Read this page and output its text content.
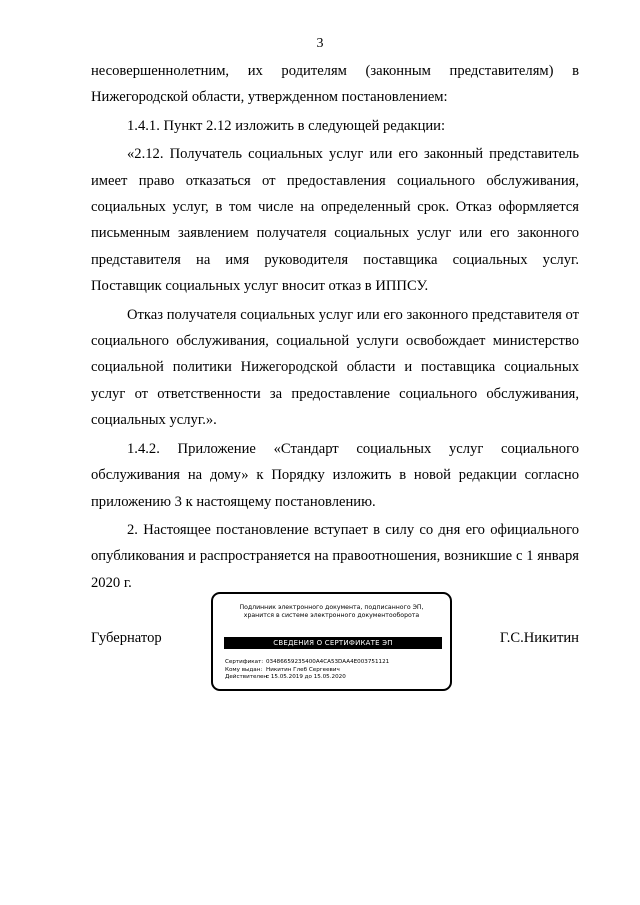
3

несовершеннолетним, их родителям (законным представителям) в Нижегородской области, утвержденном постановлением:

1.4.1. Пункт 2.12 изложить в следующей редакции:

«2.12. Получатель социальных услуг или его законный представитель имеет право отказаться от предоставления социального обслуживания, социальных услуг, в том числе на определенный срок. Отказ оформляется письменным заявлением получателя социальных услуг или его законного представителя на имя руководителя поставщика социальных услуг. Поставщик социальных услуг вносит отказ в ИППСУ.

Отказ получателя социальных услуг или его законного представителя от социального обслуживания, социальной услуги освобождает министерство социальной политики Нижегородской области и поставщика социальных услуг от ответственности за предоставление социального обслуживания, социальных услуг.».

1.4.2. Приложение «Стандарт социальных услуг социального обслуживания на дому» к Порядку изложить в новой редакции согласно приложению 3 к настоящему постановлению.

2. Настоящее постановление вступает в силу со дня его официального опубликования и распространяется на правоотношения, возникшие с 1 января 2020 г.

Губернатор
Подлинник электронного документа, подписанного ЭП,
хранится в системе электронного документооборота
СВЕДЕНИЯ О СЕРТИФИКАТЕ ЭП
Сертификат: 03486659235400A4CA53DAA4E003751121
Кому выдан: Никитин Глеб Сергеевич
Действителен:с 15.05.2019 до 15.05.2020
Г.С.Никитин
